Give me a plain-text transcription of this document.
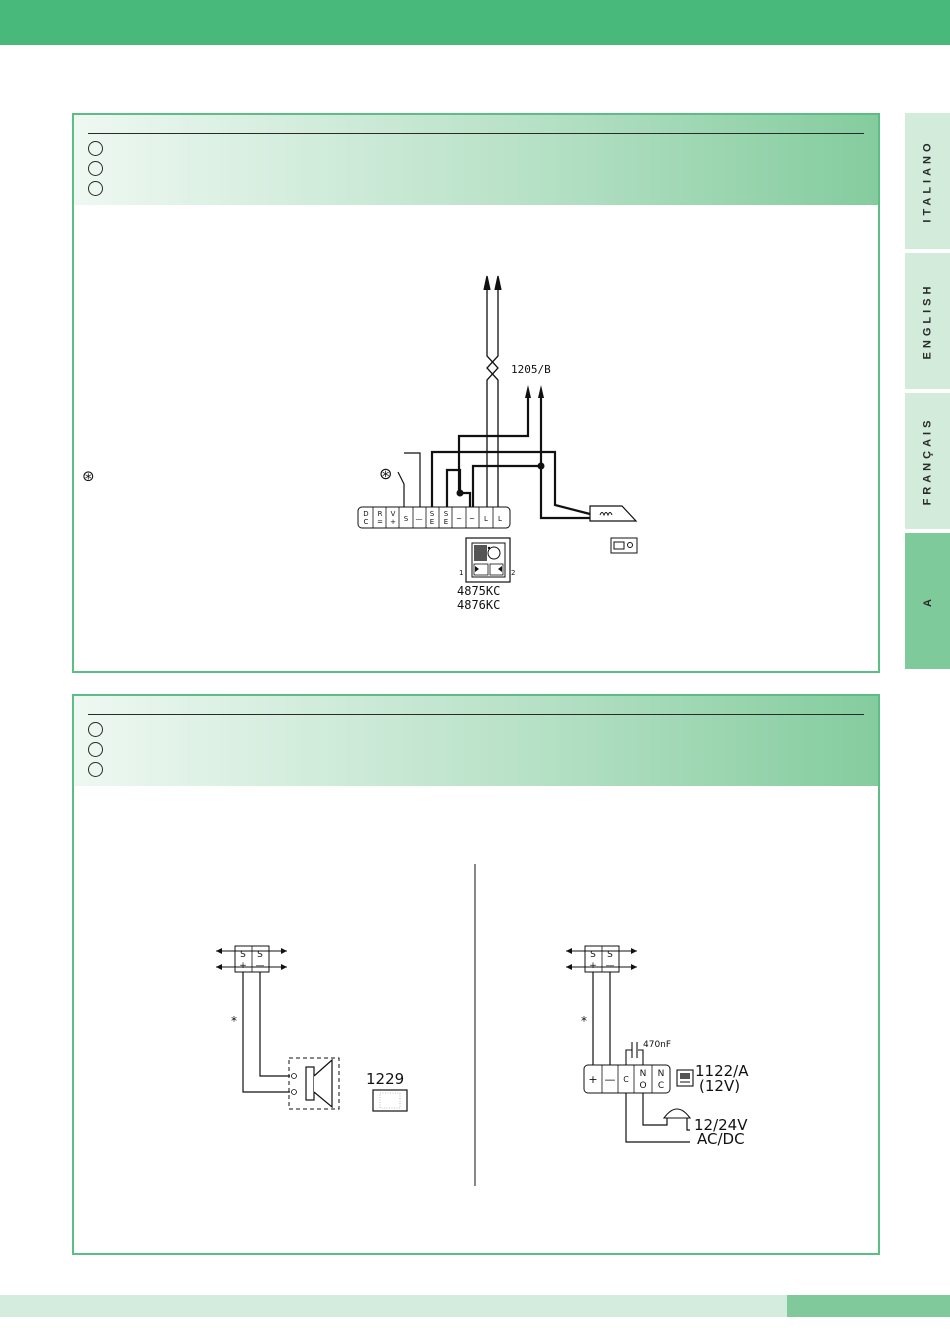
ITALIANO
ENGLISH
FRANÇAIS
A
⊛
1205/B
⊛
D
C
R
=
V
+ S —
S
E
S
E ~ ~ L L
1	2
4875KC
4876KC
S
+
S
—
*
1229
S
+
S
—
*
+ — C
N
O
N
C
470nF
1122/A
(12V)
12/24V
AC/DC
